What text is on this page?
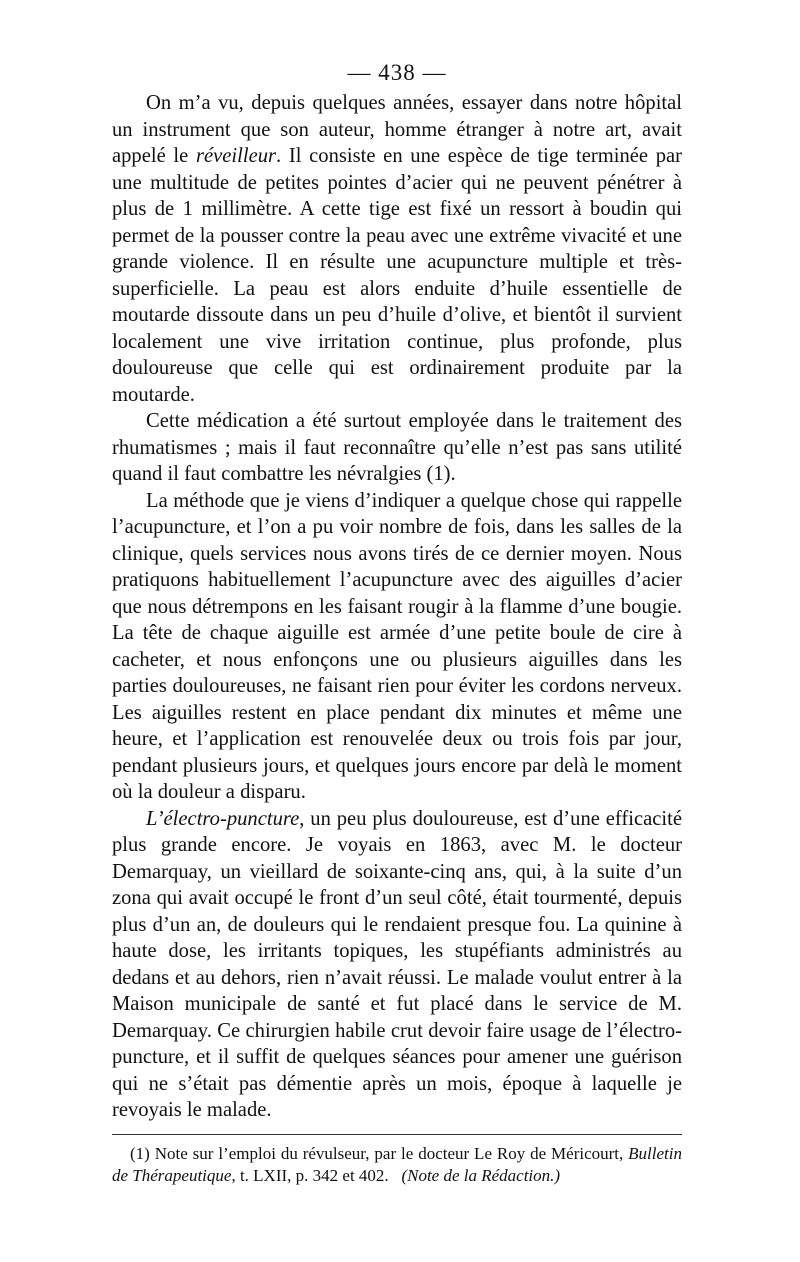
— 438 —

On m’a vu, depuis quelques années, essayer dans notre hôpital un instrument que son auteur, homme étranger à notre art, avait appelé le réveilleur. Il consiste en une espèce de tige terminée par une multitude de petites pointes d’acier qui ne peuvent pénétrer à plus de 1 millimètre. A cette tige est fixé un ressort à boudin qui permet de la pousser contre la peau avec une extrême vivacité et une grande violence. Il en résulte une acupuncture multiple et très-superficielle. La peau est alors enduite d’huile essentielle de moutarde dissoute dans un peu d’huile d’olive, et bientôt il survient localement une vive irritation continue, plus profonde, plus douloureuse que celle qui est ordinairement produite par la moutarde.

Cette médication a été surtout employée dans le traitement des rhumatismes ; mais il faut reconnaître qu’elle n’est pas sans utilité quand il faut combattre les névralgies (1).

La méthode que je viens d’indiquer a quelque chose qui rappelle l’acupuncture, et l’on a pu voir nombre de fois, dans les salles de la clinique, quels services nous avons tirés de ce dernier moyen. Nous pratiquons habituellement l’acupuncture avec des aiguilles d’acier que nous détrempons en les faisant rougir à la flamme d’une bougie. La tête de chaque aiguille est armée d’une petite boule de cire à cacheter, et nous enfonçons une ou plusieurs aiguilles dans les parties douloureuses, ne faisant rien pour éviter les cordons nerveux. Les aiguilles restent en place pendant dix minutes et même une heure, et l’application est renouvelée deux ou trois fois par jour, pendant plusieurs jours, et quelques jours encore par delà le moment où la douleur a disparu.

L’électro-puncture, un peu plus douloureuse, est d’une efficacité plus grande encore. Je voyais en 1863, avec M. le docteur Demarquay, un vieillard de soixante-cinq ans, qui, à la suite d’un zona qui avait occupé le front d’un seul côté, était tourmenté, depuis plus d’un an, de douleurs qui le rendaient presque fou. La quinine à haute dose, les irritants topiques, les stupéfiants administrés au dedans et au dehors, rien n’avait réussi. Le malade voulut entrer à la Maison municipale de santé et fut placé dans le service de M. Demarquay. Ce chirurgien habile crut devoir faire usage de l’électro-puncture, et il suffit de quelques séances pour amener une guérison qui ne s’était pas démentie après un mois, époque à laquelle je revoyais le malade.

(1) Note sur l’emploi du révulseur, par le docteur Le Roy de Méricourt, Bulletin de Thérapeutique, t. LXII, p. 342 et 402. (Note de la Rédaction.)
